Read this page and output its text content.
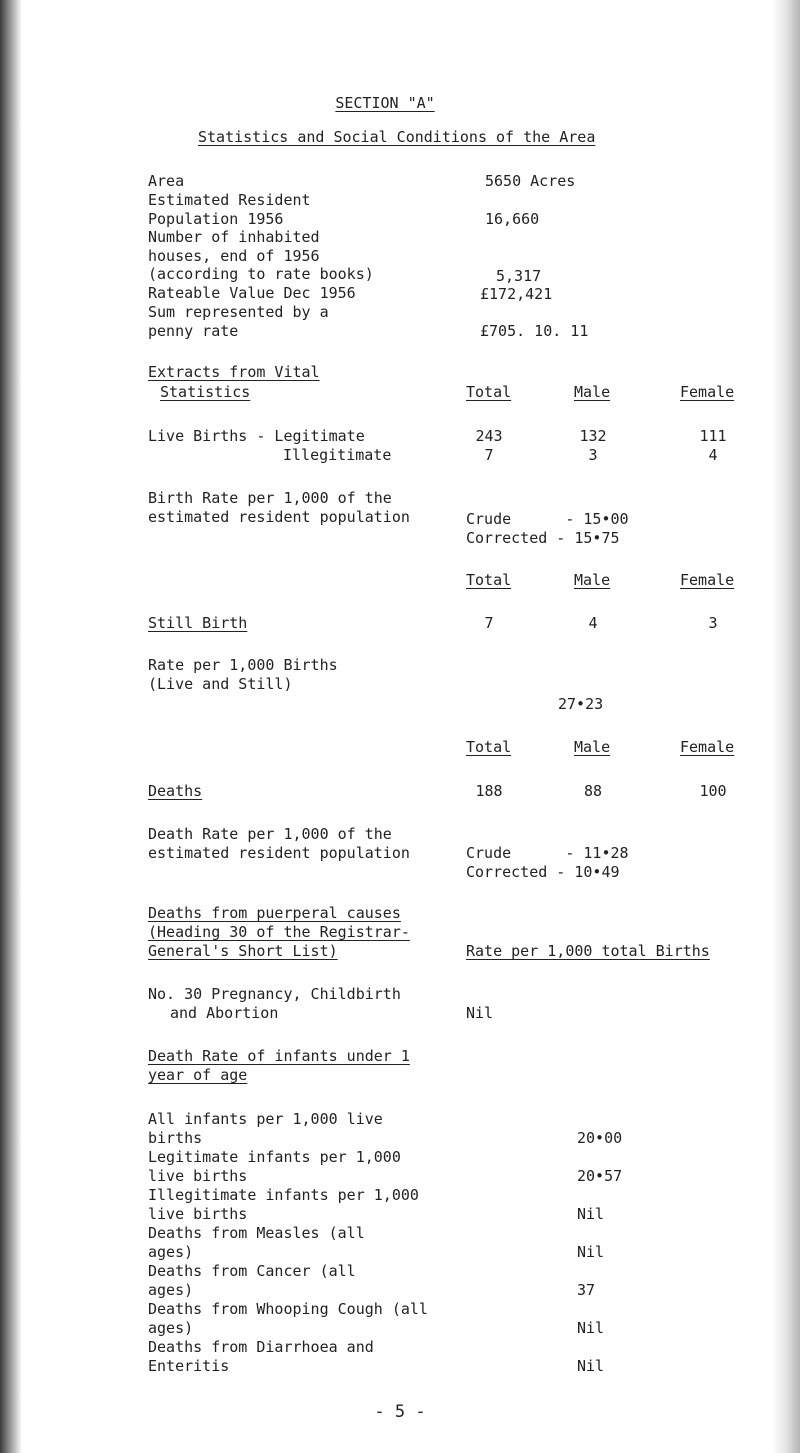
SECTION "A"
Statistics and Social Conditions of the Area
Area	5650 Acres
Estimated Resident
Population 1956	16,660
Number of inhabited
houses, end of 1956
(according to rate books)	5,317
Rateable Value Dec 1956	£172,421
Sum represented by a
penny rate	£705. 10. 11
Extracts from Vital
Statistics	Total	Male	Female
Live Births - Legitimate	243	132	111
Illegitimate	7	3	4
Birth Rate per 1,000 of the
estimated resident population	Crude      - 15•00
Corrected - 15•75
Total	Male	Female
Still Birth	7	4	3
Rate per 1,000 Births
(Live and Still)
27•23
Total	Male	Female
Deaths	188	88	100
Death Rate per 1,000 of the
estimated resident population	Crude      - 11•28
Corrected - 10•49
Deaths from puerperal causes
(Heading 30 of the Registrar-
General's Short List)	Rate per 1,000 total Births
No. 30 Pregnancy, Childbirth
and Abortion	Nil
Death Rate of infants under 1
year of age
All infants per 1,000 live
births	20•00
Legitimate infants per 1,000
live births	20•57
Illegitimate infants per 1,000
live births	Nil
Deaths from Measles (all
ages)	Nil
Deaths from Cancer (all
ages)	37
Deaths from Whooping Cough (all
ages)	Nil
Deaths from Diarrhoea and
Enteritis	Nil
- 5 -
